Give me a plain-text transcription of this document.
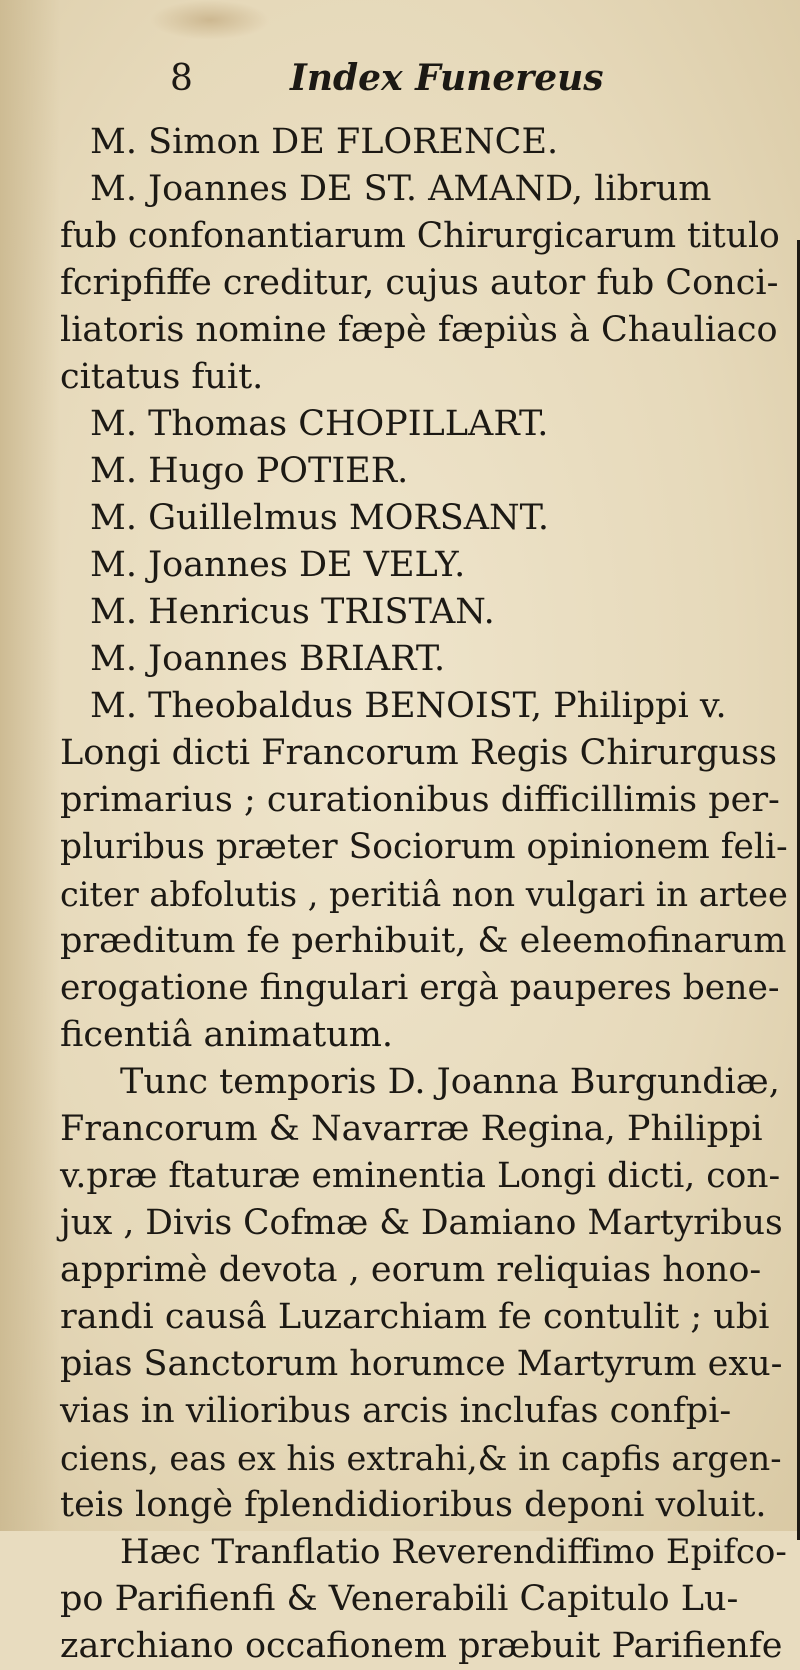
8	Index Funereus
M. Simon DE FLORENCE.
M. Joannes DE ST. AMAND, librum
fub confonantiarum Chirurgicarum titulo
fcripfiffe creditur, cujus autor fub Conci-
liatoris nomine fæpè fæpiùs à Chauliaco
citatus fuit.
M. Thomas CHOPILLART.
M. Hugo POTIER.
M. Guillelmus MORSANT.
M. Joannes DE VELY.
M. Henricus TRISTAN.
M. Joannes BRIART.
M. Theobaldus BENOIST, Philippi v.
Longi dicti Francorum Regis Chirurguss
primarius ; curationibus difficillimis per-
pluribus præter Sociorum opinionem feli-
citer abfolutis , peritiâ non vulgari in artee
præditum fe perhibuit, & eleemofinarum
erogatione fingulari ergà pauperes bene-
ficentiâ animatum.
Tunc temporis D. Joanna Burgundiæ,
Francorum & Navarræ Regina, Philippi
v.præ ftaturæ eminentia Longi dicti, con-
jux , Divis Cofmæ & Damiano Martyribus
apprimè devota , eorum reliquias hono-
randi causâ Luzarchiam fe contulit ; ubi
pias Sanctorum horumce Martyrum exu-
vias in vilioribus arcis inclufas confpi-
ciens, eas ex his extrahi,& in capfis argen-
teis longè fplendidioribus deponi voluit.
Hæc Tranflatio Reverendiffimo Epifco-
po Parifienfi & Venerabili Capitulo Lu-
zarchiano occafionem præbuit Parifienfe
